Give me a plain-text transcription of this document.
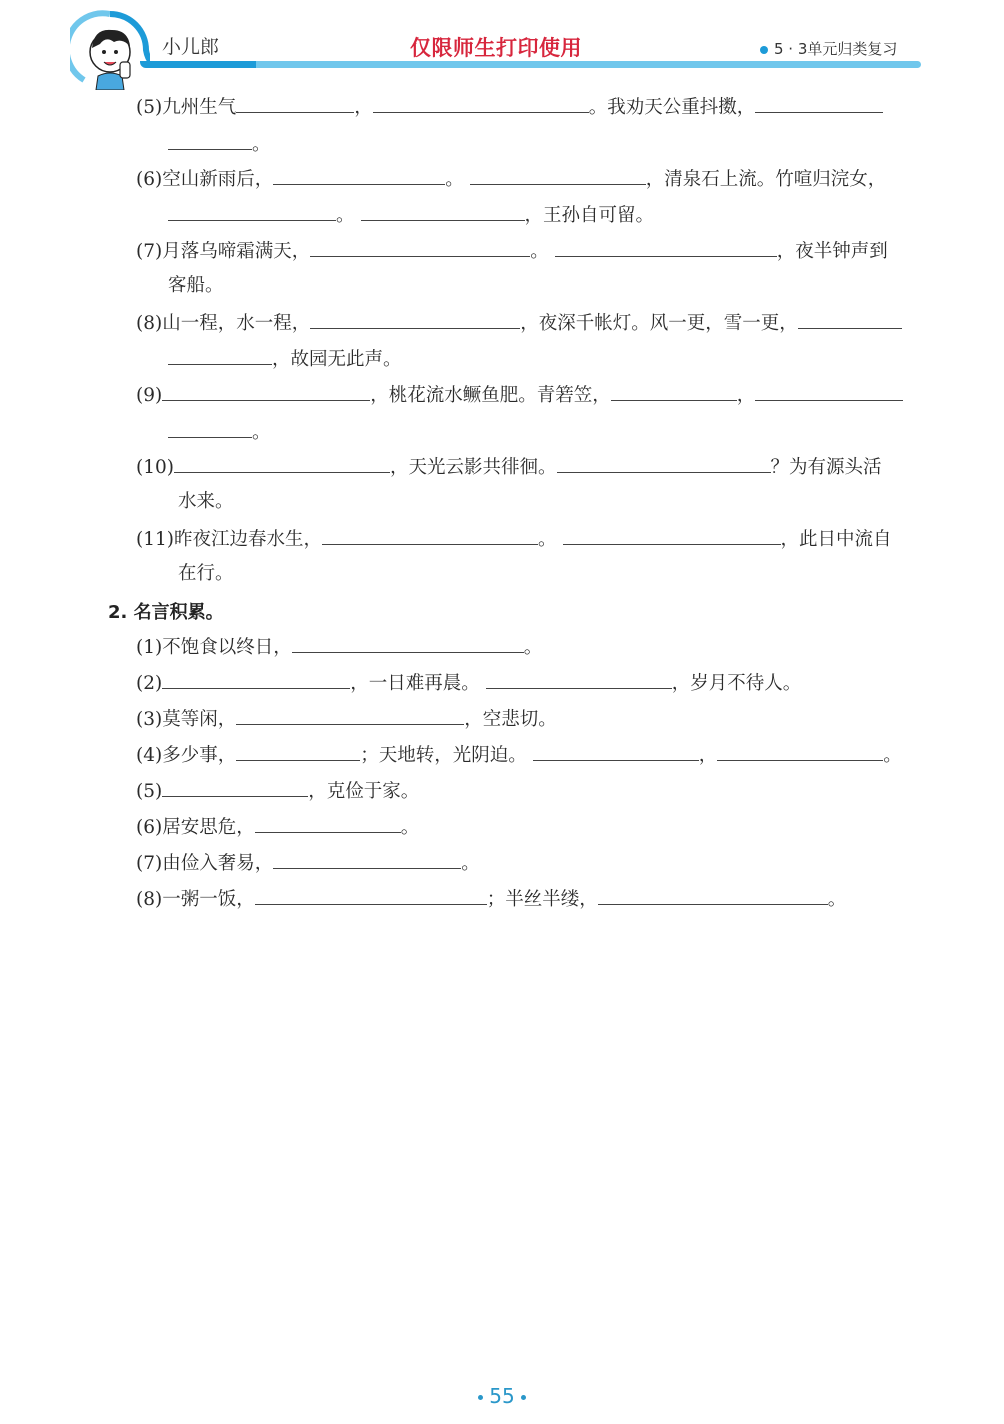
小儿郎	仅限师生打印使用	5 · 3单元归类复习
(5)九州生气	，	。我劝天公重抖擞，
。
(6)空山新雨后，	。	，清泉石上流。竹喧归浣女，
。	，王孙自可留。
(7)月落乌啼霜满天，	。	，夜半钟声到
客船。
(8)山一程，水一程，	，夜深千帐灯。风一更，雪一更，
，故园无此声。
(9)	，桃花流水鳜鱼肥。青箬笠，	，
。
(10)	，天光云影共徘徊。	？为有源头活
水来。
(11)昨夜江边春水生，	。	，此日中流自
在行。
2. 名言积累。
(1)不饱食以终日，	。
(2)	，一日难再晨。	，岁月不待人。
(3)莫等闲，	，空悲切。
(4)多少事，	；天地转，光阴迫。	，	。
(5)	，克俭于家。
(6)居安思危，	。
(7)由俭入奢易，	。
(8)一粥一饭，	；半丝半缕，	。
55
